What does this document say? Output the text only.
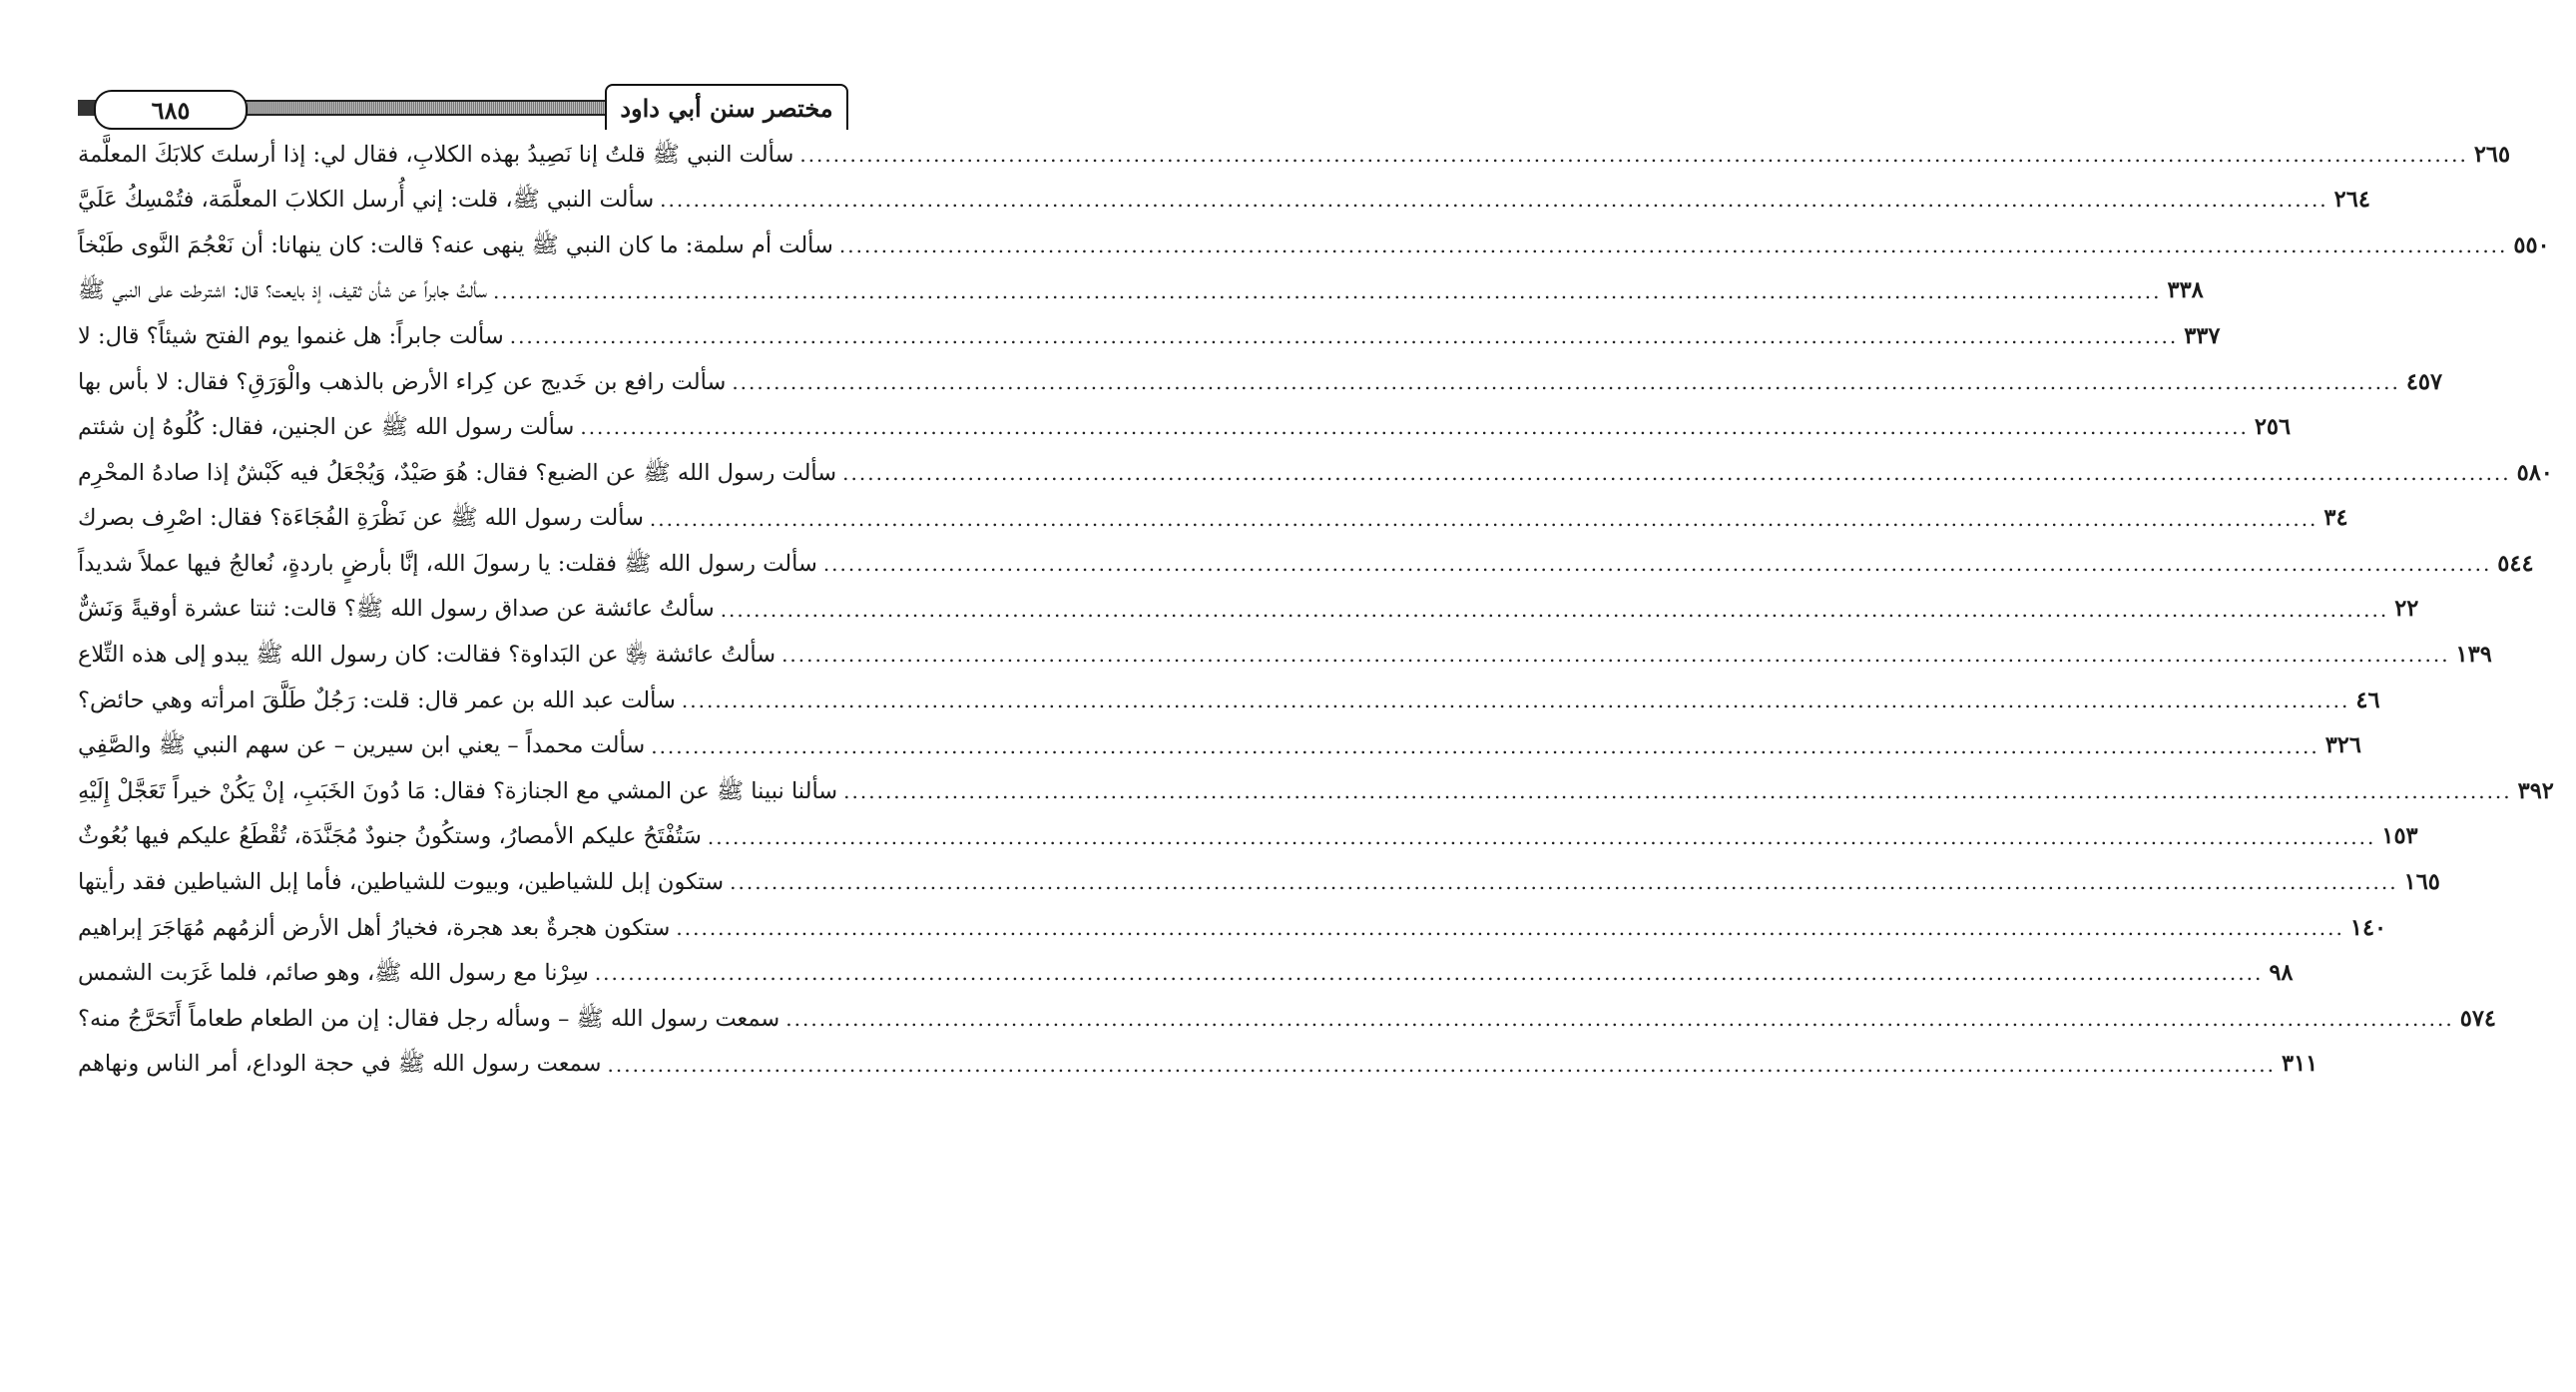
٦٨٥	مختصر سنن أبي داود
سألت النبي ﷺ قلتُ إنا نَصِيدُ بهذه الكلابِ، فقال لي: إذا أرسلتَ كلابَكَ المعلَّمة ........................................................................................................................................................................................................ ٢٦٥
سألت النبي ﷺ، قلت: إني أُرسل الكلابَ المعلَّمَة، فتُمْسِكُ عَلَيَّ ........................................................................................................................................................................................................ ٢٦٤
سألت أم سلمة: ما كان النبي ﷺ ينهى عنه؟ قالت: كان ينهانا: أن نَعْجُمَ النَّوى طَبْخاً ........................................................................................................................................................................................................ ٥٥٠
سألتُ جابراً عن شأن ثقيف، إذ بايعت؟ قال: اشترطت على النبي ﷺ ........................................................................................................................................................................................................ ٣٣٨
سألت جابراً: هل غنموا يوم الفتح شيئاً؟ قال: لا ........................................................................................................................................................................................................ ٣٣٧
سألت رافع بن خَديج عن كِراء الأرض بالذهب والْوَرَقِ؟ فقال: لا بأس بها ........................................................................................................................................................................................................ ٤٥٧
سألت رسول الله ﷺ عن الجنين، فقال: كُلُوهُ إن شئتم ........................................................................................................................................................................................................ ٢٥٦
سألت رسول الله ﷺ عن الضبع؟ فقال: هُوَ صَيْدٌ، وَيُجْعَلُ فيه كَبْشٌ إذا صادهُ المحْرِم ........................................................................................................................................................................................................ ٥٨٠
سألت رسول الله ﷺ عن نَظْرَةِ الفُجَاءَة؟ فقال: اصْرِف بصرك ........................................................................................................................................................................................................ ٣٤
سألت رسول الله ﷺ فقلت: يا رسولَ الله، إنَّا بأرضٍ باردةٍ، نُعالجُ فيها عملاً شديداً ........................................................................................................................................................................................................ ٥٤٤
سألتُ عائشة عن صداق رسول الله ﷺ؟ قالت: ثنتا عشرة أوقيةً وَنَشٌّ ........................................................................................................................................................................................................ ٢٢
سألتُ عائشة ﵂ عن البَداوة؟ فقالت: كان رسول الله ﷺ يبدو إلى هذه التِّلاع ........................................................................................................................................................................................................ ١٣٩
سألت عبد الله بن عمر قال: قلت: رَجُلٌ طَلَّقَ امرأته وهي حائض؟ ........................................................................................................................................................................................................ ٤٦
سألت محمداً – يعني ابن سيرين – عن سهم النبي ﷺ والصَّفِي ........................................................................................................................................................................................................ ٣٢٦
سألنا نبينا ﷺ عن المشي مع الجنازة؟ فقال: مَا دُونَ الخَبَبِ، إنْ يَكُنْ خيراً تَعَجَّلْ إِلَيْهِ ........................................................................................................................................................................................................ ٣٩٢
سَتُفْتَحُ عليكم الأمصارُ، وستكُونُ جنودٌ مُجَنَّدَة، تُقْطَعُ عليكم فيها بُعُوثٌ ........................................................................................................................................................................................................ ١٥٣
ستكون إبل للشياطين، وبيوت للشياطين، فأما إبل الشياطين فقد رأيتها ........................................................................................................................................................................................................ ١٦٥
ستكون هجرةٌ بعد هجرة، فخيارُ أهل الأرض ألزمُهم مُهَاجَرَ إبراهيم ........................................................................................................................................................................................................ ١٤٠
سِرْنا مع رسول الله ﷺ، وهو صائم، فلما غَرَبت الشمس ........................................................................................................................................................................................................ ٩٨
سمعت رسول الله ﷺ – وسأله رجل فقال: إن من الطعام طعاماً أَتَحَرَّجُ منه؟ ........................................................................................................................................................................................................ ٥٧٤
سمعت رسول الله ﷺ في حجة الوداع، أمر الناس ونهاهم ........................................................................................................................................................................................................ ٣١١
